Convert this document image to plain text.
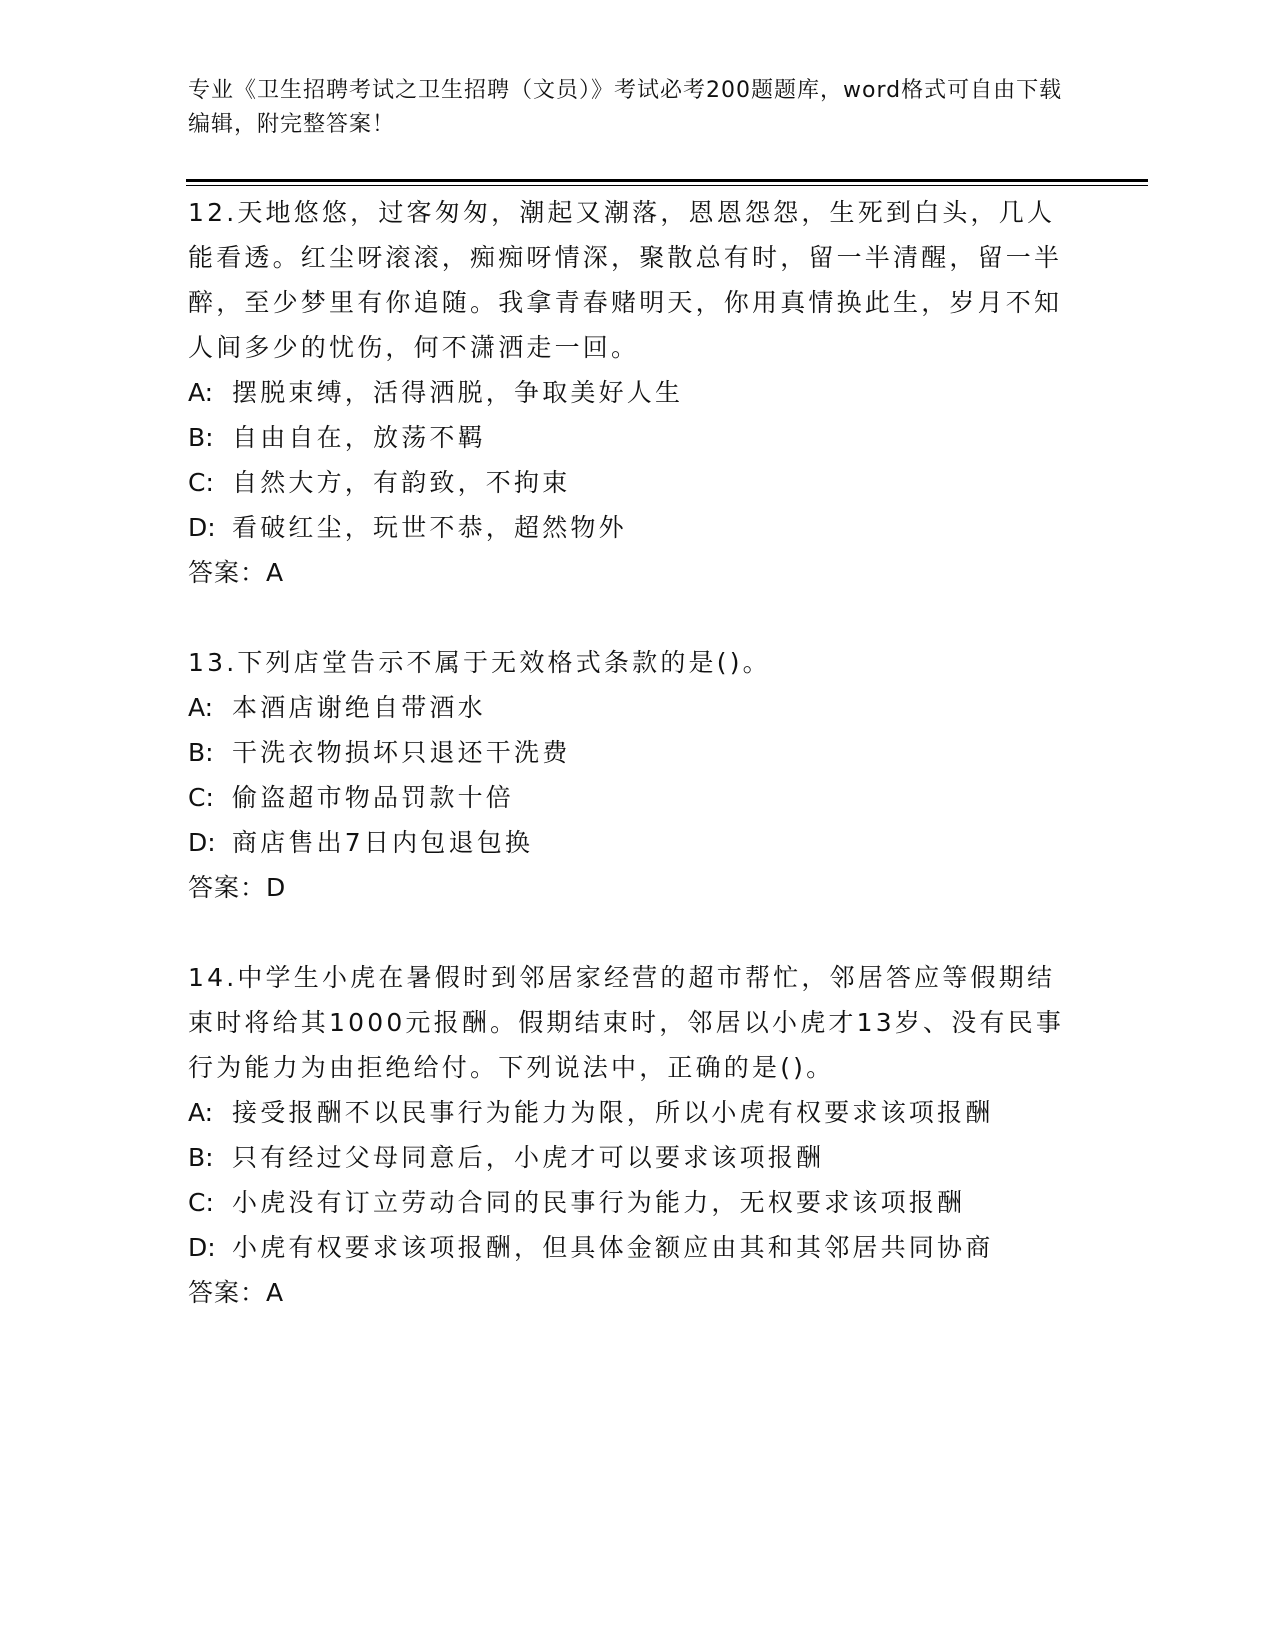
专业《卫生招聘考试之卫生招聘（文员）》考试必考200题题库，word格式可自由下载编辑，附完整答案！
12.天地悠悠，过客匆匆，潮起又潮落，恩恩怨怨，生死到白头，几人能看透。红尘呀滚滚，痴痴呀情深，聚散总有时，留一半清醒，留一半醉，至少梦里有你追随。我拿青春赌明天，你用真情换此生，岁月不知人间多少的忧伤，何不潇洒走一回。
A: 摆脱束缚，活得洒脱，争取美好人生
B: 自由自在，放荡不羁
C: 自然大方，有韵致，不拘束
D: 看破红尘，玩世不恭，超然物外
答案：A
13.下列店堂告示不属于无效格式条款的是()。
A: 本酒店谢绝自带酒水
B: 干洗衣物损坏只退还干洗费
C: 偷盗超市物品罚款十倍
D: 商店售出7日内包退包换
答案：D
14.中学生小虎在暑假时到邻居家经营的超市帮忙，邻居答应等假期结束时将给其1000元报酬。假期结束时，邻居以小虎才13岁、没有民事行为能力为由拒绝给付。下列说法中，正确的是()。
A: 接受报酬不以民事行为能力为限，所以小虎有权要求该项报酬
B: 只有经过父母同意后，小虎才可以要求该项报酬
C: 小虎没有订立劳动合同的民事行为能力，无权要求该项报酬
D: 小虎有权要求该项报酬，但具体金额应由其和其邻居共同协商
答案：A
